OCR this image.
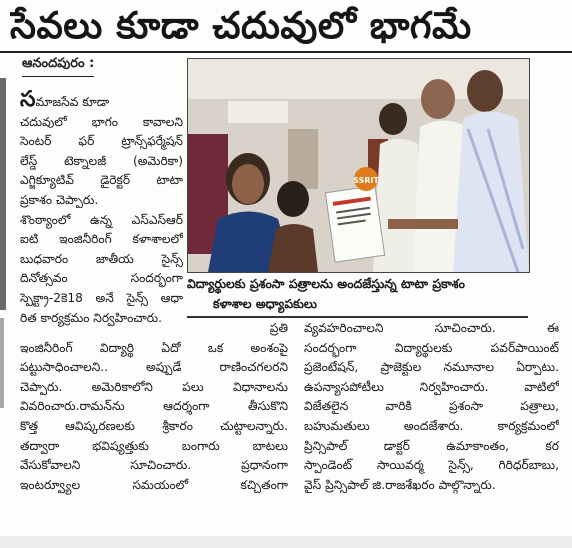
సేవలు కూడా చదువులో భాగమే
ఆనందపురం :
సమాజసేవ కూడా
చదువులో భాగం కావాలని
సెంటర్ ఫర్ ట్రాన్స్‌ఫర్మేషన్
లేస్డ్ టెక్నాలజీ (అమెరికా)
ఎగ్జిక్యూటివ్ డైరెక్టర్ టాటా
ప్రకాశం చెప్పారు.
శొంఠ్యాంలో ఉన్న ఎస్ఎస్‌ఆర్
ఐటి ఇంజినీరింగ్ కళాశాలలో
బుధవారం జాతీయ సైన్స్
దినోత్సవం సందర్భంగా
స్పెక్ట్రా-2కె18 అనే సైన్స్ ఆధా
రిత కార్యక్రమం నిర్వహించారు.
SSRIT
విద్యార్థులకు ప్రశంసా పత్రాలను అందజేస్తున్న టాటా ప్రకాశం
కళాశాల అధ్యాపకులు
ప్రతి
ఇంజినీరింగ్ విద్యార్థి ఏదో ఒక అంశంపై
పట్టుసాధించాలని.. అప్పుడే రాణించగలరని
చెప్పారు. అమెరికాలోని పలు విధానాలను
వివరించారు.రామన్‌ను ఆదర్శంగా తీసుకొని
కొత్త ఆవిష్కరణలకు శ్రీకారం చుట్టాలన్నారు.
తద్వారా భవిష్యత్తుకు బంగారు బాటలు
వేసుకోవాలని సూచించారు. ప్రధానంగా
ఇంటర్వ్యూల సమయంలో కచ్చితంగా
వ్యవహరించాలని సూచించారు. ఈ
సందర్భంగా విద్యార్థులకు పవర్‌పాయింట్
ప్రజెంటేషన్, ప్రాజెక్టుల నమూనాల ఏర్పాటు.
ఉపన్యాసపోటీలు నిర్వహించారు. వాటిలో
విజేతలైన వారికి ప్రశంసా పత్రాలు,
బహుమతులు అందజేశారు. కార్యక్రమంలో
ప్రిన్సిపాల్ డాక్టర్ ఉమాకాంతం, కర
స్పాండెంట్ సాయివర్మ సైన్స్, గిరిధర్‌బాబు,
వైస్ ప్రిన్సిపాల్ జి.రాజశేఖరం పాల్గొన్నారు.
